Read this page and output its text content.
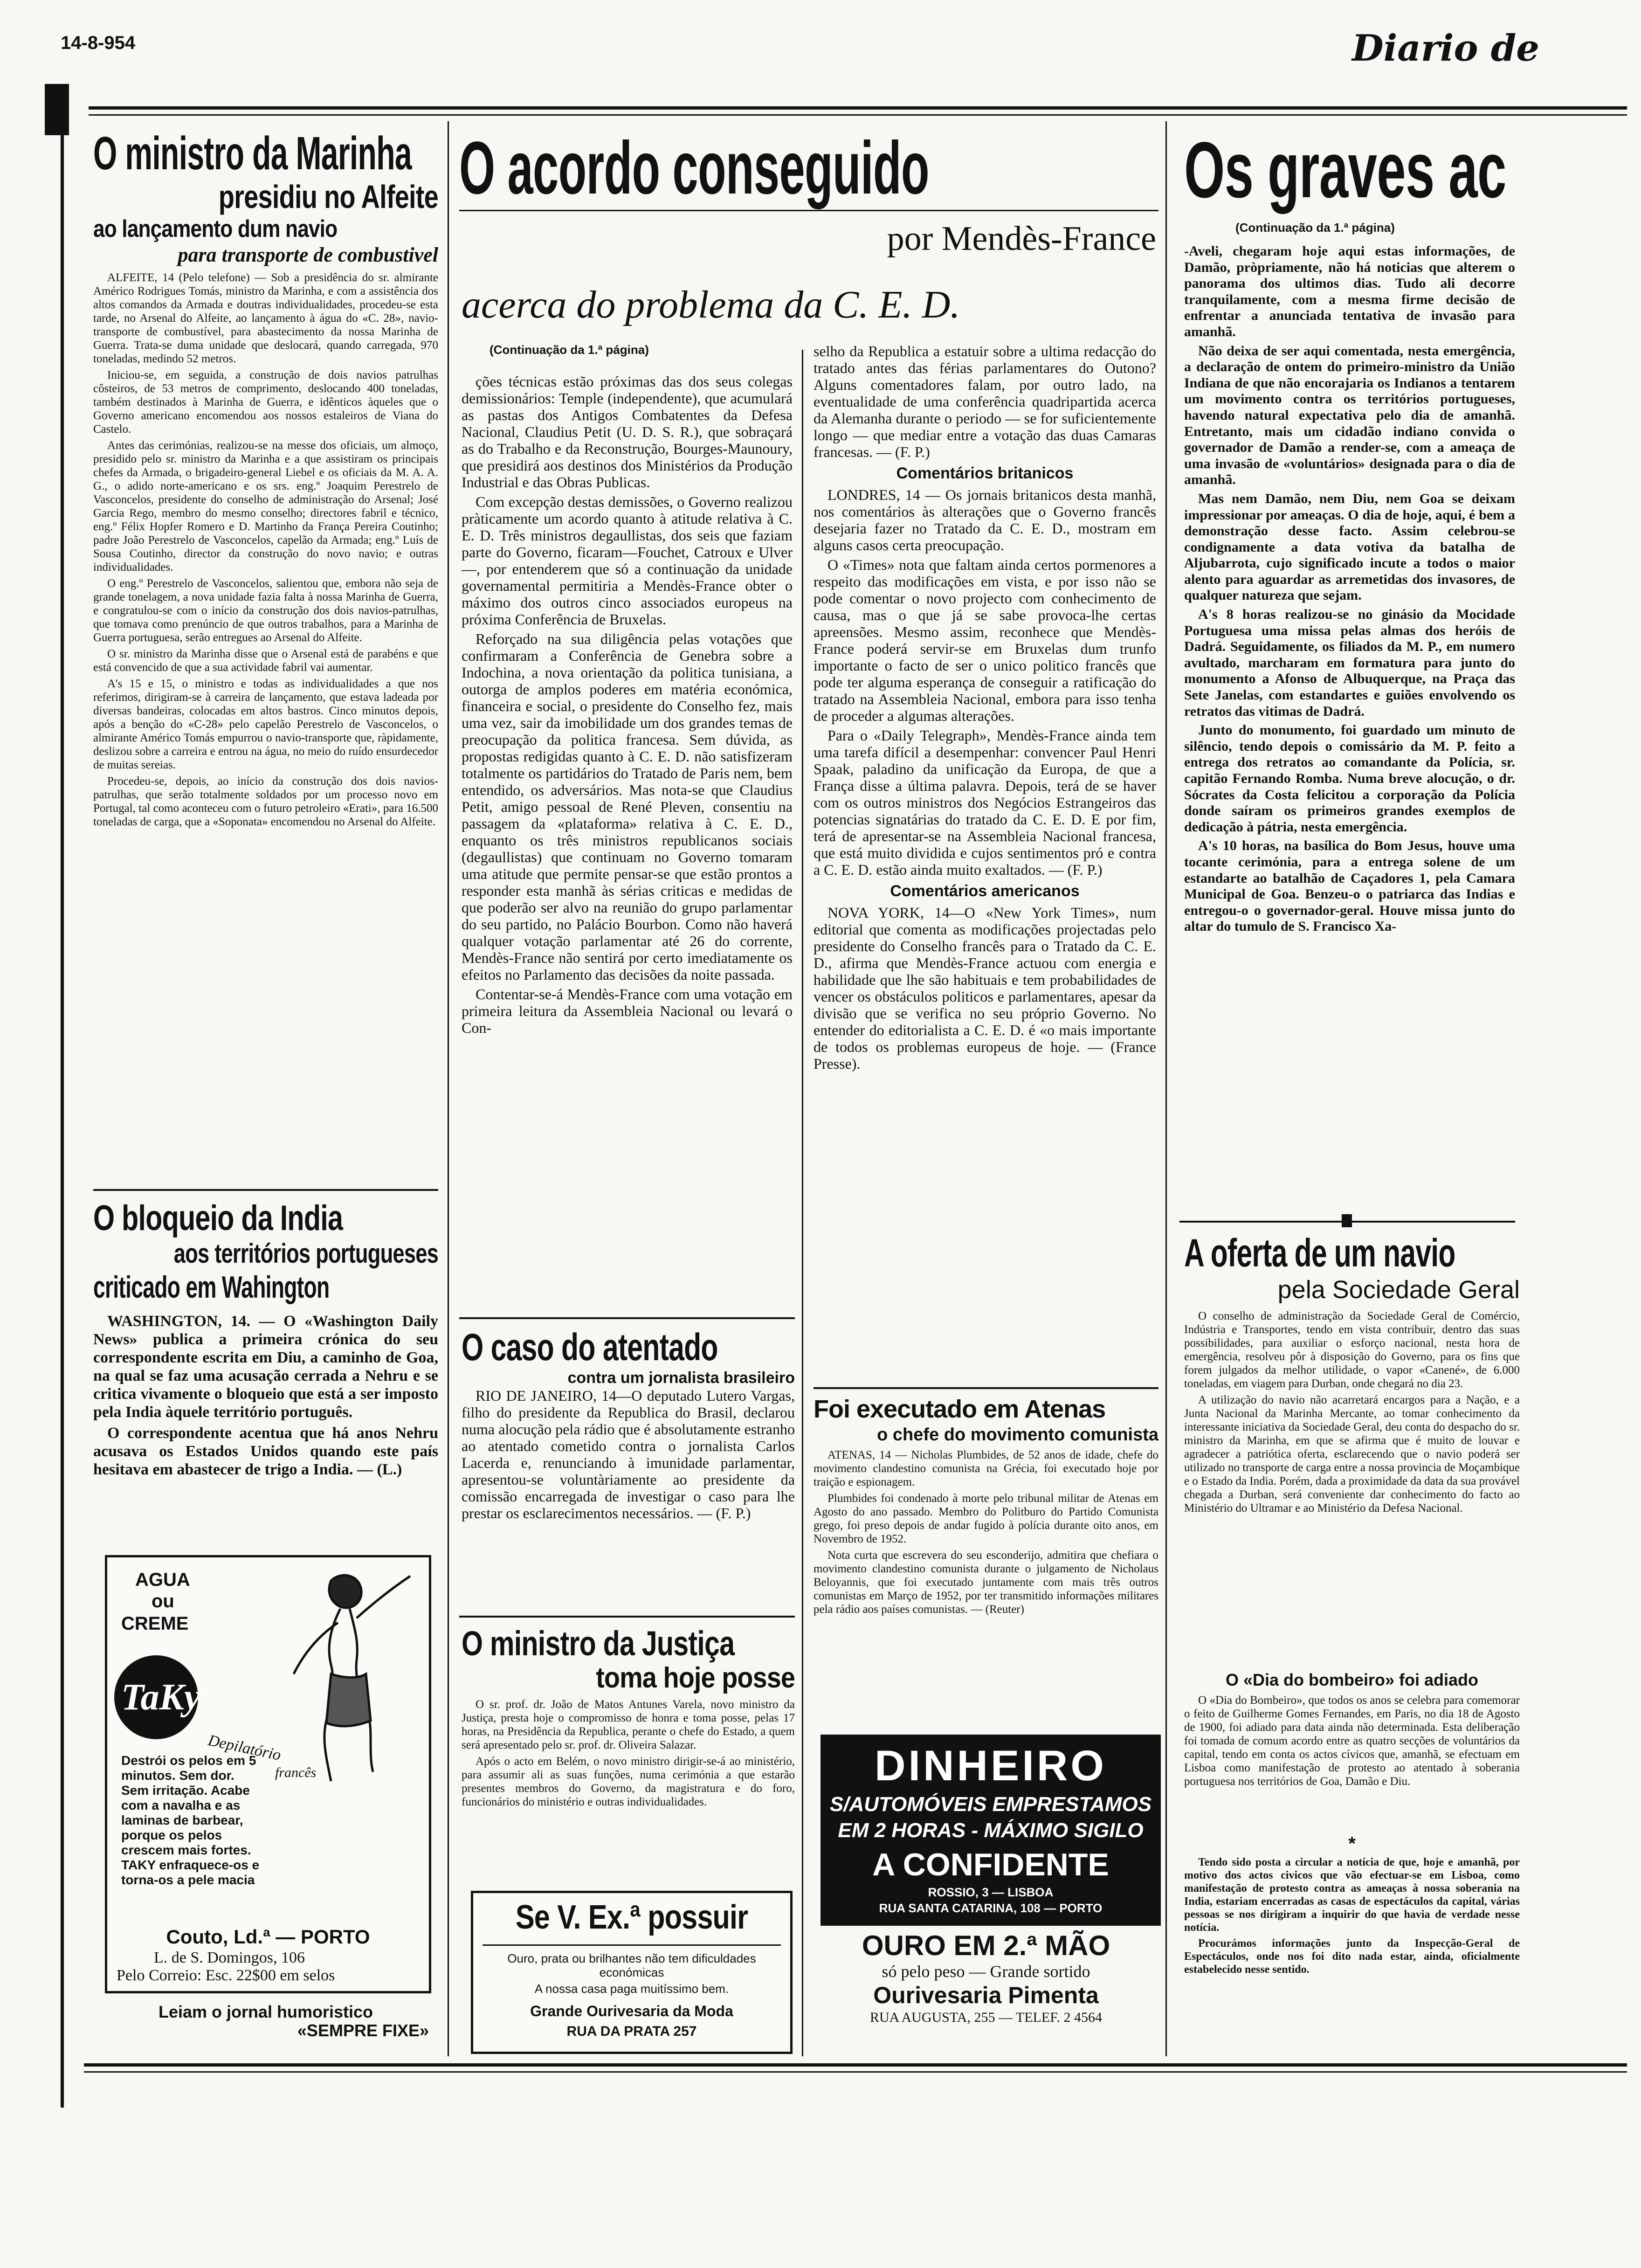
14-8-954	Diario de
O ministro da Marinha
presidiu no Alfeite
ao lançamento dum navio
para transporte de combustivel

ALFEITE, 14 (Pelo telefone) — Sob a presidência do sr. almirante Américo Rodrigues Tomás, ministro da Marinha, e com a assistência dos altos comandos da Armada e doutras individualidades, procedeu-se esta tarde, no Arsenal do Alfeite, ao lançamento à água do «C. 28», navio-transporte de combustível, para abastecimento da nossa Marinha de Guerra. Trata-se duma unidade que deslocará, quando carregada, 970 toneladas, medindo 52 metros.

Iniciou-se, em seguida, a construção de dois navios patrulhas côsteiros, de 53 metros de comprimento, deslocando 400 toneladas, também destinados à Marinha de Guerra, e idênticos àqueles que o Governo americano encomendou aos nossos estaleiros de Viana do Castelo.

Antes das cerimónias, realizou-se na messe dos oficiais, um almoço, presidido pelo sr. ministro da Marinha e a que assistiram os principais chefes da Armada, o brigadeiro-general Liebel e os oficiais da M. A. A. G., o adido norte-americano e os srs. eng.º Joaquim Perestrelo de Vasconcelos, presidente do conselho de administração do Arsenal; José Garcia Rego, membro do mesmo conselho; directores fabril e técnico, eng.º Félix Hopfer Romero e D. Martinho da França Pereira Coutinho; padre João Perestrelo de Vasconcelos, capelão da Armada; eng.º Luís de Sousa Coutinho, director da construção do novo navio; e outras individualidades.

O eng.º Perestrelo de Vasconcelos, salientou que, embora não seja de grande tonelagem, a nova unidade fazia falta à nossa Marinha de Guerra, e congratulou-se com o início da construção dos dois navios-patrulhas, que tomava como prenúncio de que outros trabalhos, para a Marinha de Guerra portuguesa, serão entregues ao Arsenal do Alfeite.

O sr. ministro da Marinha disse que o Arsenal está de parabéns e que está convencido de que a sua actividade fabril vai aumentar.

A's 15 e 15, o ministro e todas as individualidades a que nos referimos, dirigiram-se à carreira de lançamento, que estava ladeada por diversas bandeiras, colocadas em altos bastros. Cinco minutos depois, após a benção do «C-28» pelo capelão Perestrelo de Vasconcelos, o almirante Américo Tomás empurrou o navio-transporte que, ràpidamente, deslizou sobre a carreira e entrou na água, no meio do ruído ensurdecedor de muitas sereias.

Procedeu-se, depois, ao início da construção dos dois navios-patrulhas, que serão totalmente soldados por um processo novo em Portugal, tal como aconteceu com o futuro petroleiro «Erati», para 16.500 toneladas de carga, que a «Soponata» encomendou no Arsenal do Alfeite.

O bloqueio da India
aos territórios portugueses
criticado em Wahington

WASHINGTON, 14. — O «Washington Daily News» publica a primeira crónica do seu correspondente escrita em Diu, a caminho de Goa, na qual se faz uma acusação cerrada a Nehru e se critica vivamente o bloqueio que está a ser imposto pela India àquele território português.

O correspondente acentua que há anos Nehru acusava os Estados Unidos quando este país hesitava em abastecer de trigo a India. — (L.)

AGUA
ou
CREME
TaKy
Depilatório
francês
Destrói os pelos em 5 minutos. Sem dor. Sem irritação. Acabe com a navalha e as laminas de barbear, porque os pelos crescem mais fortes. TAKY enfraquece-os e torna-os a pele macia
Couto, Ld.ª — PORTO
L. de S. Domingos, 106
Pelo Correio: Esc. 22$00 em selos
Leiam o jornal humoristico
«SEMPRE FIXE»
O acordo conseguido
por Mendès-France
acerca do problema da C. E. D.
(Continuação da 1.ª página)

ções técnicas estão próximas das dos seus colegas demissionários: Temple (independente), que acumulará as pastas dos Antigos Combatentes da Defesa Nacional, Claudius Petit (U. D. S. R.), que sobraçará as do Trabalho e da Reconstrução, Bourges-Maunoury, que presidirá aos destinos dos Ministérios da Produção Industrial e das Obras Publicas.

Com excepção destas demissões, o Governo realizou pràticamente um acordo quanto à atitude relativa à C. E. D. Três ministros degaullistas, dos seis que faziam parte do Governo, ficaram—Fouchet, Catroux e Ulver—, por entenderem que só a continuação da unidade governamental permitiria a Mendès-France obter o máximo dos outros cinco associados europeus na próxima Conferência de Bruxelas.

Reforçado na sua diligência pelas votações que confirmaram a Conferência de Genebra sobre a Indochina, a nova orientação da politica tunisiana, a outorga de amplos poderes em matéria económica, financeira e social, o presidente do Conselho fez, mais uma vez, sair da imobilidade um dos grandes temas de preocupação da politica francesa. Sem dúvida, as propostas redigidas quanto à C. E. D. não satisfizeram totalmente os partidários do Tratado de Paris nem, bem entendido, os adversários. Mas nota-se que Claudius Petit, amigo pessoal de René Pleven, consentiu na passagem da «plataforma» relativa à C. E. D., enquanto os três ministros republicanos sociais (degaullistas) que continuam no Governo tomaram uma atitude que permite pensar-se que estão prontos a responder esta manhã às sérias criticas e medidas de que poderão ser alvo na reunião do grupo parlamentar do seu partido, no Palácio Bourbon. Como não haverá qualquer votação parlamentar até 26 do corrente, Mendès-France não sentirá por certo imediatamente os efeitos no Parlamento das decisões da noite passada.

Contentar-se-á Mendès-France com uma votação em primeira leitura da Assembleia Nacional ou levará o Con-

selho da Republica a estatuir sobre a ultima redacção do tratado antes das férias parlamentares do Outono? Alguns comentadores falam, por outro lado, na eventualidade de uma conferência quadripartida acerca da Alemanha durante o periodo — se for suficientemente longo — que mediar entre a votação das duas Camaras francesas. — (F. P.)

Comentários britanicos

LONDRES, 14 — Os jornais britanicos desta manhã, nos comentários às alterações que o Governo francês desejaria fazer no Tratado da C. E. D., mostram em alguns casos certa preocupação.

O «Times» nota que faltam ainda certos pormenores a respeito das modificações em vista, e por isso não se pode comentar o novo projecto com conhecimento de causa, mas o que já se sabe provoca-lhe certas apreensões. Mesmo assim, reconhece que Mendès-France poderá servir-se em Bruxelas dum trunfo importante o facto de ser o unico politico francês que pode ter alguma esperança de conseguir a ratificação do tratado na Assembleia Nacional, embora para isso tenha de proceder a algumas alterações.

Para o «Daily Telegraph», Mendès-France ainda tem uma tarefa difícil a desempenhar: convencer Paul Henri Spaak, paladino da unificação da Europa, de que a França disse a última palavra. Depois, terá de se haver com os outros ministros dos Negócios Estrangeiros das potencias signatárias do tratado da C. E. D. E por fim, terá de apresentar-se na Assembleia Nacional francesa, que está muito dividida e cujos sentimentos pró e contra a C. E. D. estão ainda muito exaltados. — (F. P.)

Comentários americanos

NOVA YORK, 14—O «New York Times», num editorial que comenta as modificações projectadas pelo presidente do Conselho francês para o Tratado da C. E. D., afirma que Mendès-France actuou com energia e habilidade que lhe são habituais e tem probabilidades de vencer os obstáculos politicos e parlamentares, apesar da divisão que se verifica no seu próprio Governo. No entender do editorialista a C. E. D. é «o mais importante de todos os problemas europeus de hoje. — (France Presse).

O caso do atentado
contra um jornalista brasileiro

RIO DE JANEIRO, 14—O deputado Lutero Vargas, filho do presidente da Republica do Brasil, declarou numa alocução pela rádio que é absolutamente estranho ao atentado cometido contra o jornalista Carlos Lacerda e, renunciando à imunidade parlamentar, apresentou-se voluntàriamente ao presidente da comissão encarregada de investigar o caso para lhe prestar os esclarecimentos necessários. — (F. P.)

O ministro da Justiça
toma hoje posse

O sr. prof. dr. João de Matos Antunes Varela, novo ministro da Justiça, presta hoje o compromisso de honra e toma posse, pelas 17 horas, na Presidência da Republica, perante o chefe do Estado, a quem será apresentado pelo sr. prof. dr. Oliveira Salazar.

Após o acto em Belém, o novo ministro dirigir-se-á ao ministério, para assumir ali as suas funções, numa cerimónia a que estarão presentes membros do Governo, da magistratura e do foro, funcionários do ministério e outras individualidades.

Se V. Ex.ª possuir
Ouro, prata ou brilhantes não tem dificuldades económicas
A nossa casa paga muitíssimo bem.
Grande Ourivesaria da Moda
RUA DA PRATA 257
Foi executado em Atenas
o chefe do movimento comunista

ATENAS, 14 — Nicholas Plumbides, de 52 anos de idade, chefe do movimento clandestino comunista na Grécia, foi executado hoje por traição e espionagem.

Plumbides foi condenado à morte pelo tribunal militar de Atenas em Agosto do ano passado. Membro do Politburo do Partido Comunista grego, foi preso depois de andar fugido à polícia durante oito anos, em Novembro de 1952.

Nota curta que escrevera do seu esconderijo, admitira que chefiara o movimento clandestino comunista durante o julgamento de Nicholaus Beloyannis, que foi executado juntamente com mais três outros comunistas em Março de 1952, por ter transmitido informações militares pela rádio aos países comunistas. — (Reuter)

DINHEIRO
S/AUTOMÓVEIS EMPRESTAMOS
EM 2 HORAS - MÁXIMO SIGILO
A CONFIDENTE
ROSSIO, 3 — LISBOA
RUA SANTA CATARINA, 108 — PORTO
OURO EM 2.ª MÃO
só pelo peso — Grande sortido
Ourivesaria Pimenta
RUA AUGUSTA, 255 — TELEF. 2 4564
Os graves ac
(Continuação da 1.ª página)

-Aveli, chegaram hoje aqui estas informações, de Damão, pròpriamente, não há noticias que alterem o panorama dos ultimos dias. Tudo ali decorre tranquilamente, com a mesma firme decisão de enfrentar a anunciada tentativa de invasão para amanhã.

Não deixa de ser aqui comentada, nesta emergência, a declaração de ontem do primeiro-ministro da União Indiana de que não encorajaria os Indianos a tentarem um movimento contra os territórios portugueses, havendo natural expectativa pelo dia de amanhã. Entretanto, mais um cidadão indiano convida o governador de Damão a render-se, com a ameaça de uma invasão de «voluntários» designada para o dia de amanhã.

Mas nem Damão, nem Diu, nem Goa se deixam impressionar por ameaças. O dia de hoje, aqui, é bem a demonstração desse facto. Assim celebrou-se condignamente a data votiva da batalha de Aljubarrota, cujo significado incute a todos o maior alento para aguardar as arremetidas dos invasores, de qualquer natureza que sejam.

A's 8 horas realizou-se no ginásio da Mocidade Portuguesa uma missa pelas almas dos heróis de Dadrá. Seguidamente, os filiados da M. P., em numero avultado, marcharam em formatura para junto do monumento a Afonso de Albuquerque, na Praça das Sete Janelas, com estandartes e guiões envolvendo os retratos das vitimas de Dadrá.

Junto do monumento, foi guardado um minuto de silêncio, tendo depois o comissário da M. P. feito a entrega dos retratos ao comandante da Polícia, sr. capitão Fernando Romba. Numa breve alocução, o dr. Sócrates da Costa felicitou a corporação da Polícia donde saíram os primeiros grandes exemplos de dedicação à pátria, nesta emergência.

A's 10 horas, na basílica do Bom Jesus, houve uma tocante cerimónia, para a entrega solene de um estandarte ao batalhão de Caçadores 1, pela Camara Municipal de Goa. Benzeu-o o patriarca das Indias e entregou-o o governador-geral. Houve missa junto do altar do tumulo de S. Francisco Xa-

A oferta de um navio
pela Sociedade Geral

O conselho de administração da Sociedade Geral de Comércio, Indústria e Transportes, tendo em vista contribuir, dentro das suas possibilidades, para auxiliar o esforço nacional, nesta hora de emergência, resolveu pôr à disposição do Governo, para os fins que forem julgados da melhor utilidade, o vapor «Canené», de 6.000 toneladas, em viagem para Durban, onde chegará no dia 23.

A utilização do navio não acarretará encargos para a Nação, e a Junta Nacional da Marinha Mercante, ao tomar conhecimento da interessante iniciativa da Sociedade Geral, deu conta do despacho do sr. ministro da Marinha, em que se afirma que é muito de louvar e agradecer a patriótica oferta, esclarecendo que o navio poderá ser utilizado no transporte de carga entre a nossa provincia de Moçambique e o Estado da India. Porém, dada a proximidade da data da sua provável chegada a Durban, será conveniente dar conhecimento do facto ao Ministério do Ultramar e ao Ministério da Defesa Nacional.

O «Dia do bombeiro» foi adiado

O «Dia do Bombeiro», que todos os anos se celebra para comemorar o feito de Guilherme Gomes Fernandes, em Paris, no dia 18 de Agosto de 1900, foi adiado para data ainda não determinada. Esta deliberação foi tomada de comum acordo entre as quatro secções de voluntários da capital, tendo em conta os actos cívicos que, amanhã, se efectuam em Lisboa como manifestação de protesto ao atentado à soberania portuguesa nos territórios de Goa, Damão e Diu.

*

Tendo sido posta a circular a notícia de que, hoje e amanhã, por motivo dos actos civicos que vão efectuar-se em Lisboa, como manifestação de protesto contra as ameaças à nossa soberania na India, estariam encerradas as casas de espectáculos da capital, várias pessoas se nos dirigiram a inquirir do que havia de verdade nesse notícia.

Procurámos informações junto da Inspecção-Geral de Espectáculos, onde nos foi dito nada estar, ainda, oficialmente estabelecido nesse sentido.
